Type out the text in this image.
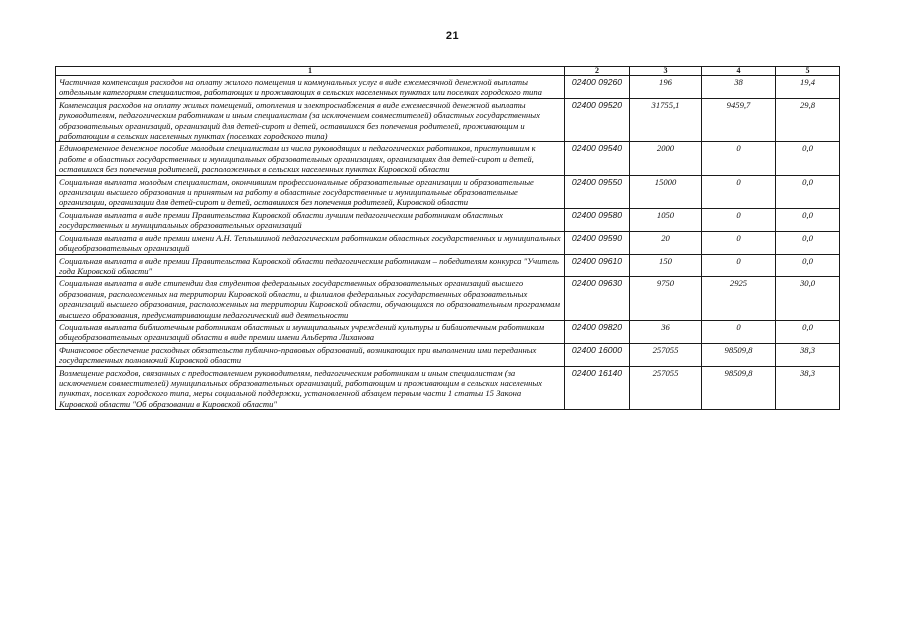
21
1	2	3	4	5
Частичная компенсация расходов на оплату жилого помещения и коммунальных услуг в виде ежемесячной денежной выплаты отдельным категориям специалистов, работающих и проживающих в сельских населенных пунктах или поселках городского типа	02400 09260	196	38	19,4
Компенсация расходов на оплату жилых помещений, отопления и электроснабжения в виде ежемесячной денежной выплаты руководителям, педагогическим работникам и иным специалистам (за исключением совместителей) областных государственных образовательных организаций, организаций для детей-сирот и детей, оставшихся без попечения родителей, проживающим и работающим в сельских населенных пунктах (поселках городского типа)	02400 09520	31755,1	9459,7	29,8
Единовременное денежное пособие молодым специалистам из числа руководящих и педагогических работников, приступившим к работе в областных государственных и муниципальных образовательных организациях, организациях для детей-сирот и детей, оставшихся без попечения родителей, расположенных в сельских населенных пунктах Кировской области	02400 09540	2000	0	0,0
Социальная выплата молодым специалистам, окончившим профессиональные образовательные организации и образовательные организации высшего образования и принятым на работу в областные государственные и муниципальные образовательные организации, организации для детей-сирот и детей, оставшихся без попечения родителей, Кировской области	02400 09550	15000	0	0,0
Социальная выплата в виде премии Правительства Кировской области лучшим педагогическим работникам областных государственных и муниципальных образовательных организаций	02400 09580	1050	0	0,0
Социальная выплата в виде премии имени А.Н. Теплышиной педагогическим работникам областных государственных и муниципальных общеобразовательных организаций	02400 09590	20	0	0,0
Социальная выплата в виде премии Правительства Кировской области педагогическим работникам – победителям конкурса "Учитель года Кировской области"	02400 09610	150	0	0,0
Социальная выплата в виде стипендии для студентов федеральных государственных образовательных организаций высшего образования, расположенных на территории Кировской области, и филиалов федеральных государственных образовательных организаций высшего образования, расположенных на территории Кировской области, обучающихся по образовательным программам высшего образования, предусматривающим педагогический вид деятельности	02400 09630	9750	2925	30,0
Социальная выплата библиотечным работникам областных и муниципальных учреждений культуры и библиотечным работникам общеобразовательных организаций области в виде премии имени Альберта Лиханова	02400 09820	36	0	0,0
Финансовое обеспечение расходных обязательств публично-правовых образований, возникающих при выполнении ими переданных государственных полномочий Кировской области	02400 16000	257055	98509,8	38,3
Возмещение расходов, связанных с предоставлением руководителям, педагогическим работникам и иным специалистам (за исключением совместителей) муниципальных образовательных организаций, работающим и проживающим в сельских населенных пунктах, поселках городского типа, меры социальной поддержки, установленной абзацем первым части 1 статьи 15 Закона Кировской области "Об образовании в Кировской области"	02400 16140	257055	98509,8	38,3
